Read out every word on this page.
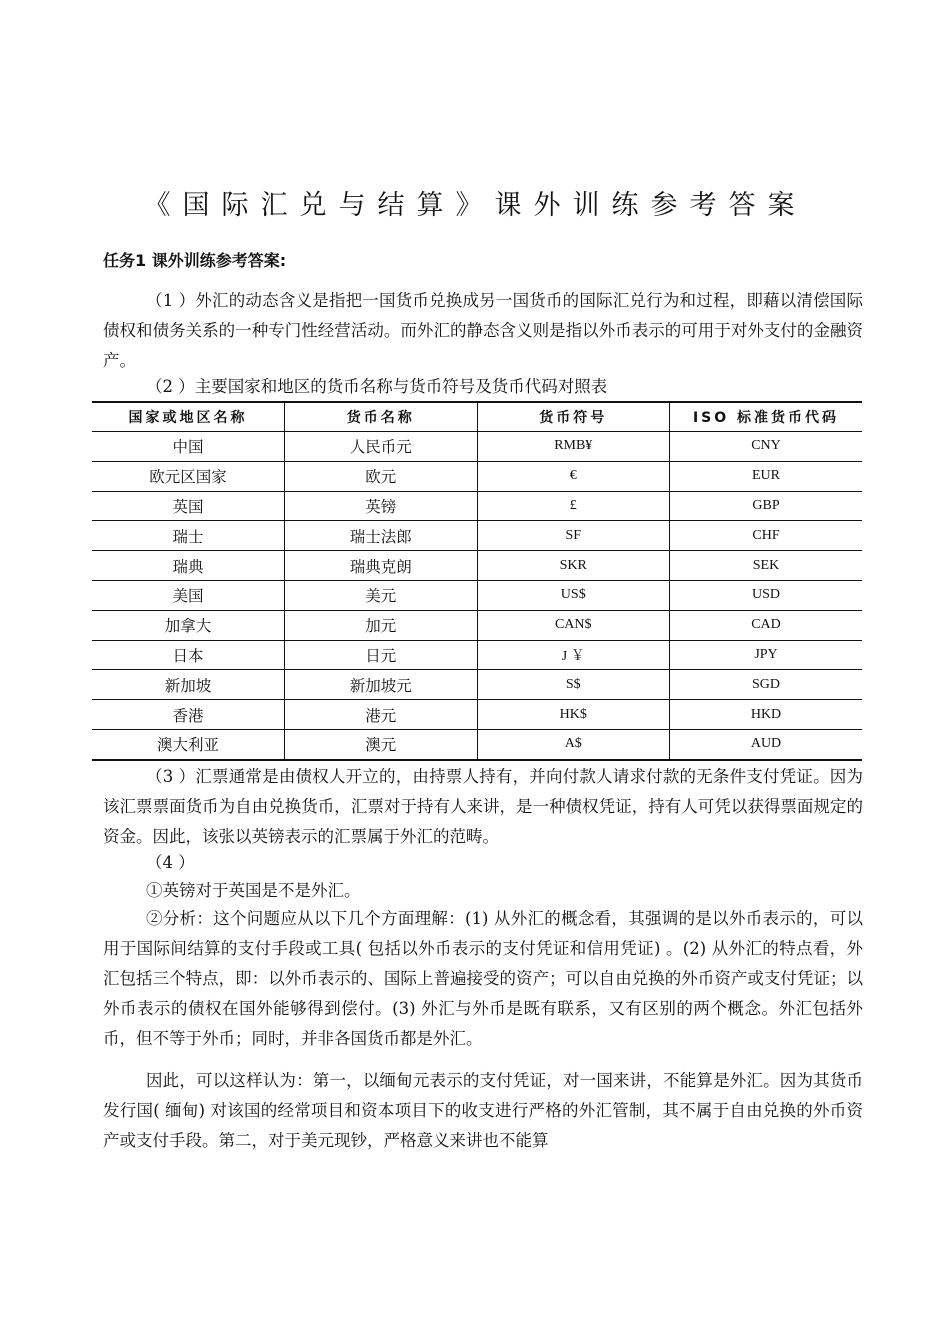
《国际汇兑与结算》课外训练参考答案
任务1 课外训练参考答案:

（1 ）外汇的动态含义是指把一国货币兑换成另一国货币的国际汇兑行为和过程，即藉以清偿国际债权和债务关系的一种专门性经营活动。而外汇的静态含义则是指以外币表示的可用于对外支付的金融资产。

（2 ）主要国家和地区的货币名称与货币符号及货币代码对照表
国家或地区名称	货币名称	货币符号	ISO 标准货币代码
中国	人民币元	RMB¥	CNY
欧元区国家	欧元	€	EUR
英国	英镑	£	GBP
瑞士	瑞士法郎	SF	CHF
瑞典	瑞典克朗	SKR	SEK
美国	美元	US$	USD
加拿大	加元	CAN$	CAD
日本	日元	J ￥	JPY
新加坡	新加坡元	S$	SGD
香港	港元	HK$	HKD
澳大利亚	澳元	A$	AUD

（3 ）汇票通常是由债权人开立的，由持票人持有，并向付款人请求付款的无条件支付凭证。因为该汇票票面货币为自由兑换货币，汇票对于持有人来讲，是一种债权凭证，持有人可凭以获得票面规定的资金。因此，该张以英镑表示的汇票属于外汇的范畴。

（4 ）

①英镑对于英国是不是外汇。

②分析：这个问题应从以下几个方面理解：(1) 从外汇的概念看，其强调的是以外币表示的，可以用于国际间结算的支付手段或工具( 包括以外币表示的支付凭证和信用凭证) 。(2) 从外汇的特点看，外汇包括三个特点，即：以外币表示的、国际上普遍接受的资产；可以自由兑换的外币资产或支付凭证；以外币表示的债权在国外能够得到偿付。(3) 外汇与外币是既有联系，又有区别的两个概念。外汇包括外币，但不等于外币；同时，并非各国货币都是外汇。

因此，可以这样认为：第一，以缅甸元表示的支付凭证，对一国来讲，不能算是外汇。因为其货币发行国( 缅甸) 对该国的经常项目和资本项目下的收支进行严格的外汇管制，其不属于自由兑换的外币资产或支付手段。第二，对于美元现钞，严格意义来讲也不能算
